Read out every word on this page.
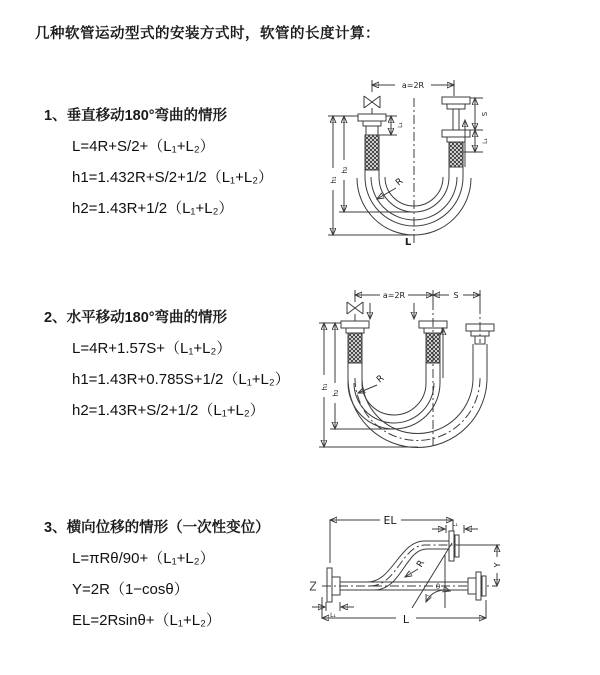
几种软管运动型式的安装方式时，软管的长度计算：
1、垂直移动180°弯曲的情形
L=4R+S/2+（L₁+L₂）
h1=1.432R+S/2+1/2（L₁+L₂）
h2=1.43R+1/2（L₁+L₂）
2、水平移动180°弯曲的情形
L=4R+1.57S+（L₁+L₂）
h1=1.43R+0.785S+1/2（L₁+L₂）
h2=1.43R+S/2+1/2（L₁+L₂）
3、横向位移的情形（一次性变位）
L=πRθ/90+（L₁+L₂）
Y=2R（1−cosθ）
EL=2Rsinθ+（L₁+L₂）
a=2R
h₁
h₂
L₁
S
L₁
R
L
a=2R	S
h₁
h₂
R
EL	L₁
Y
θ
R
L
L₁
